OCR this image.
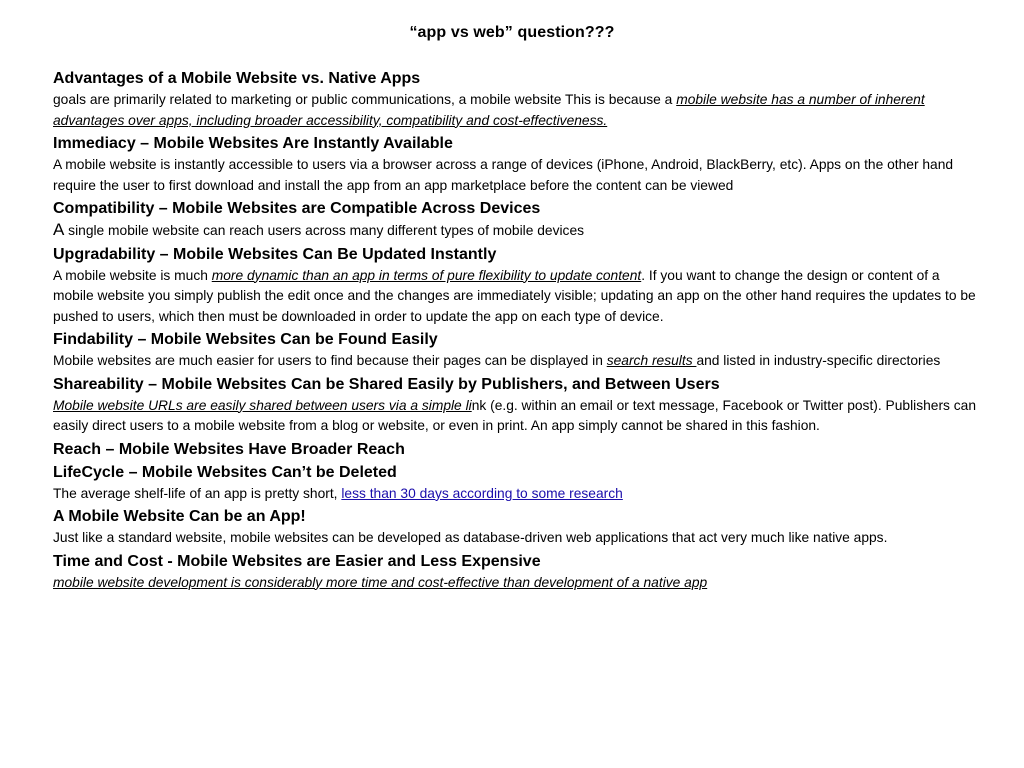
“app vs web” question???
Advantages of a Mobile Website vs. Native Apps
goals are primarily related to marketing or public communications, a mobile website This is because a mobile website has a number of inherent advantages over apps, including broader accessibility, compatibility and cost-effectiveness.
Immediacy – Mobile Websites Are Instantly Available
A mobile website is instantly accessible to users via a browser across a range of devices (iPhone, Android, BlackBerry, etc). Apps on the other hand require the user to first download and install the app from an app marketplace before the content can be viewed
Compatibility – Mobile Websites are Compatible Across Devices
A single mobile website can reach users across many different types of mobile devices
Upgradability – Mobile Websites Can Be Updated Instantly
A mobile website is much more dynamic than an app in terms of pure flexibility to update content. If you want to change the design or content of a mobile website you simply publish the edit once and the changes are immediately visible; updating an app on the other hand requires the updates to be pushed to users, which then must be downloaded in order to update the app on each type of device.
Findability – Mobile Websites Can be Found Easily
Mobile websites are much easier for users to find because their pages can be displayed in search results and listed in industry-specific directories
Shareability – Mobile Websites Can be Shared Easily by Publishers, and Between Users
Mobile website URLs are easily shared between users via a simple link (e.g. within an email or text message, Facebook or Twitter post). Publishers can easily direct users to a mobile website from a blog or website, or even in print. An app simply cannot be shared in this fashion.
Reach – Mobile Websites Have Broader Reach
LifeCycle – Mobile Websites Can’t be Deleted
The average shelf-life of an app is pretty short, less than 30 days according to some research
A Mobile Website Can be an App!
Just like a standard website, mobile websites can be developed as database-driven web applications that act very much like native apps.
Time and Cost - Mobile Websites are Easier and Less Expensive
mobile website development is considerably more time and cost-effective than development of a native app
